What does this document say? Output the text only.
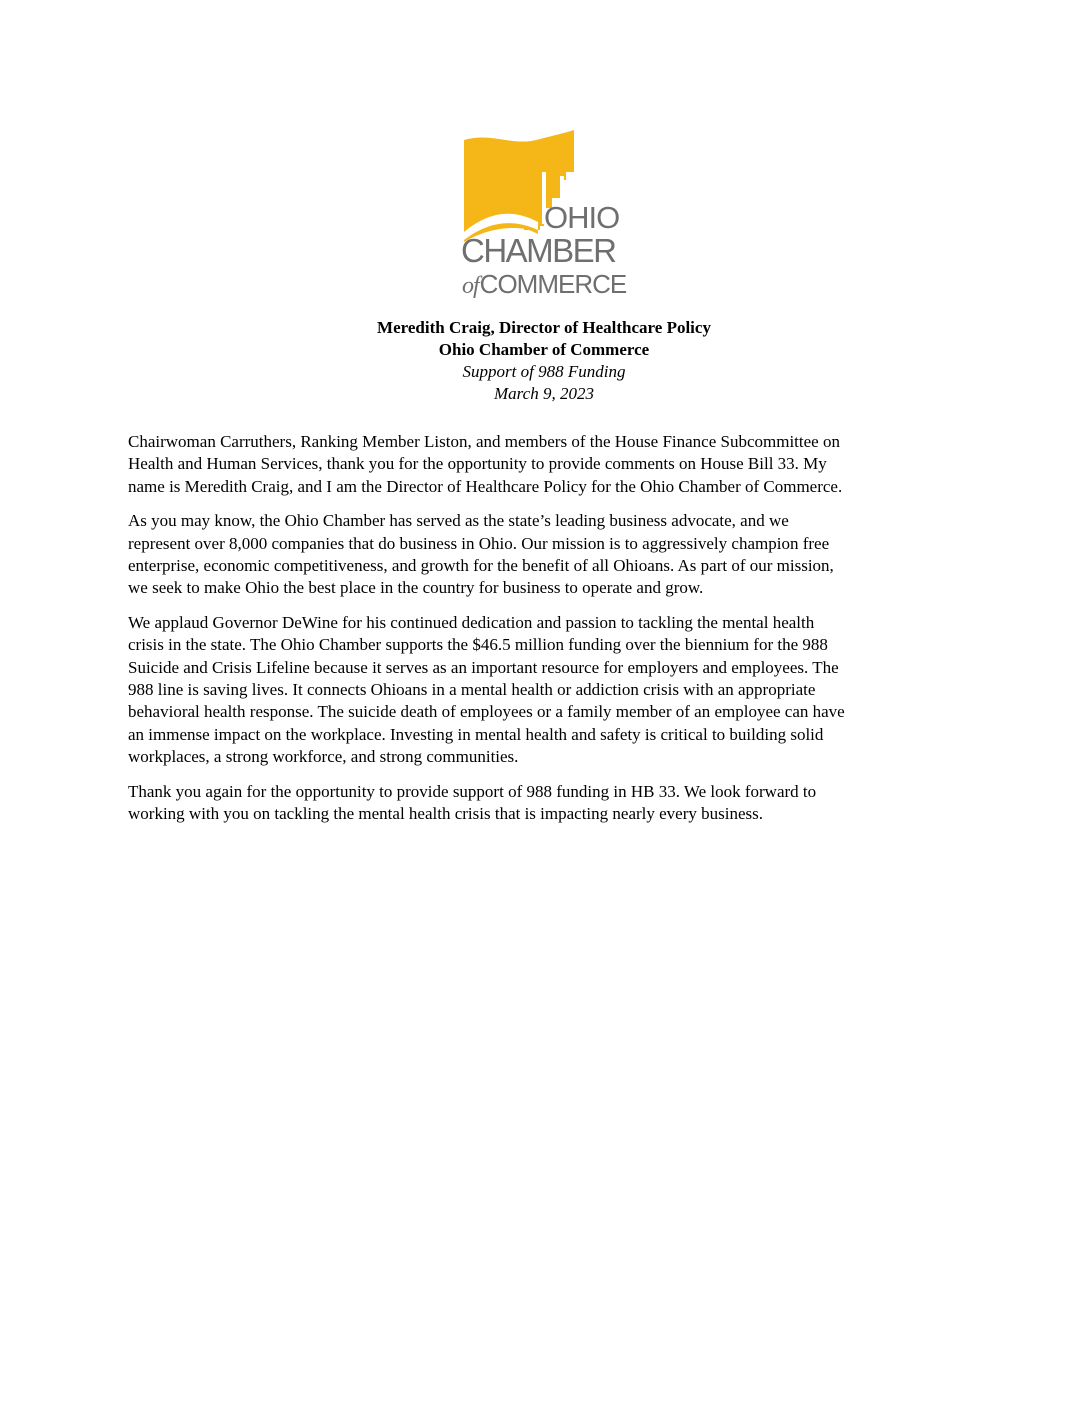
OHIO
CHAMBER
ofCOMMERCE
Meredith Craig, Director of Healthcare Policy
Ohio Chamber of Commerce
Support of 988 Funding
March 9, 2023

Chairwoman Carruthers, Ranking Member Liston, and members of the House Finance Subcommittee on
Health and Human Services, thank you for the opportunity to provide comments on House Bill 33. My
name is Meredith Craig, and I am the Director of Healthcare Policy for the Ohio Chamber of Commerce.

As you may know, the Ohio Chamber has served as the state’s leading business advocate, and we
represent over 8,000 companies that do business in Ohio. Our mission is to aggressively champion free
enterprise, economic competitiveness, and growth for the benefit of all Ohioans. As part of our mission,
we seek to make Ohio the best place in the country for business to operate and grow.

We applaud Governor DeWine for his continued dedication and passion to tackling the mental health
crisis in the state. The Ohio Chamber supports the $46.5 million funding over the biennium for the 988
Suicide and Crisis Lifeline because it serves as an important resource for employers and employees. The
988 line is saving lives. It connects Ohioans in a mental health or addiction crisis with an appropriate
behavioral health response. The suicide death of employees or a family member of an employee can have
an immense impact on the workplace. Investing in mental health and safety is critical to building solid
workplaces, a strong workforce, and strong communities.

Thank you again for the opportunity to provide support of 988 funding in HB 33. We look forward to
working with you on tackling the mental health crisis that is impacting nearly every business.
